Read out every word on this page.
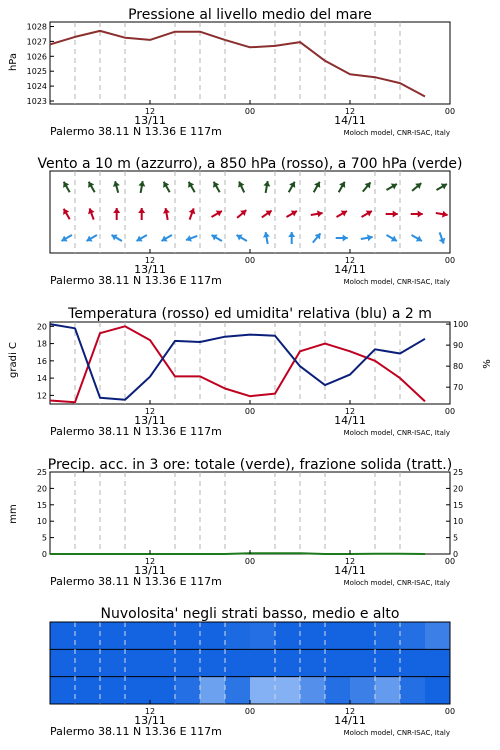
Pressione al livello medio del mare
hPa
1023
1024
1025
1026
1027
1028
12	00	12	00
13/11	14/11
Palermo 38.11 N 13.36 E 117m	Moloch model, CNR-ISAC, Italy
Vento a 10 m (azzurro), a 850 hPa (rosso), a 700 hPa (verde)
12	00	12	00
13/11	14/11
Palermo 38.11 N 13.36 E 117m	Moloch model, CNR-ISAC, Italy
Temperatura (rosso) ed umidita' relativa (blu) a 2 m
gradi C	%
12
14
16
18
20
70
80
90
100
12	00	12	00
13/11	14/11
Palermo 38.11 N 13.36 E 117m	Moloch model, CNR-ISAC, Italy
Precip. acc. in 3 ore: totale (verde), frazione solida (tratt.)
mm
0
5
10
15
20
25
0
5
10
15
20
25
12	00	12	00
13/11	14/11
Palermo 38.11 N 13.36 E 117m	Moloch model, CNR-ISAC, Italy
Nuvolosita' negli strati basso, medio e alto
12	00	12	00
13/11	14/11
Palermo 38.11 N 13.36 E 117m	Moloch model, CNR-ISAC, Italy
